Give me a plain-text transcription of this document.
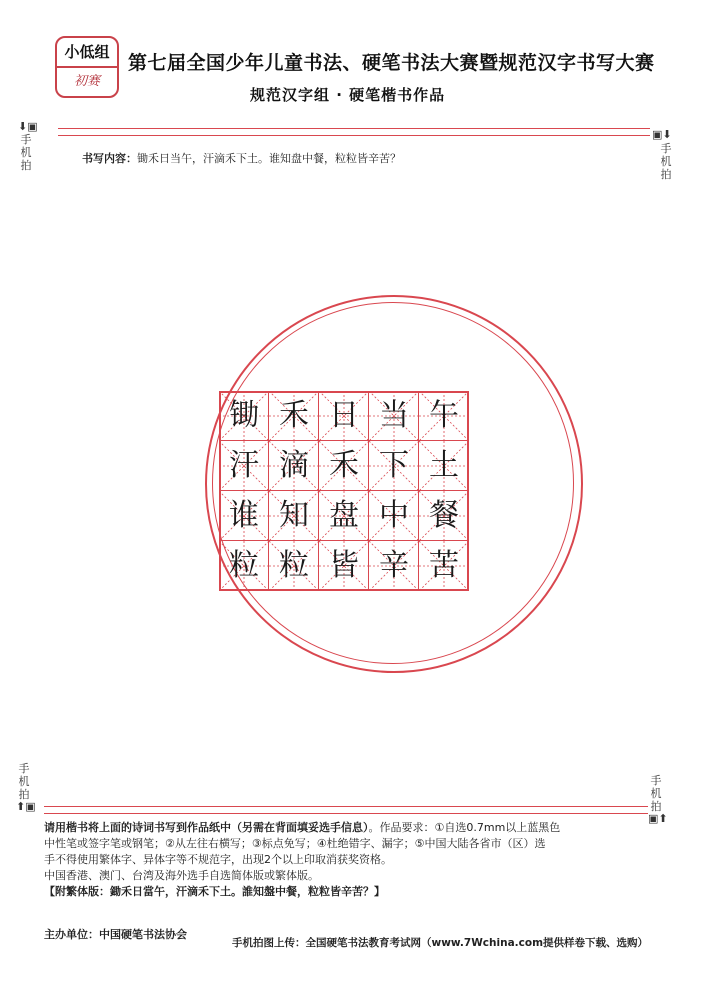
小低组
初赛
第七届全国少年儿童书法、硬笔书法大赛暨规范汉字书写大赛
规范汉字组 · 硬笔楷书作品
⬇▣
手机拍
▣⬇
手机拍
书写内容：锄禾日当午，汗滴禾下土。谁知盘中餐，粒粒皆辛苦？
锄 禾 日 当 午
汗 滴 禾 下 土
谁 知 盘 中 餐
粒 粒 皆 辛 苦
手机拍
⬆▣
手机拍
▣⬆
请用楷书将上面的诗词书写到作品纸中（另需在背面填妥选手信息）。作品要求：①自选0.7mm以上蓝黑色
中性笔或签字笔或钢笔；②从左往右横写；③标点免写；④杜绝错字、漏字；⑤中国大陆各省市（区）选
手不得使用繁体字、异体字等不规范字，出现2个以上印取消获奖资格。
中国香港、澳门、台湾及海外选手自选简体版或繁体版。
【附繁体版：鋤禾日當午，汗滴禾下土。誰知盤中餐，粒粒皆辛苦？】
主办单位：中国硬笔书法协会
手机拍图上传：全国硬笔书法教育考试网（www.7Wchina.com提供样卷下载、选购）
